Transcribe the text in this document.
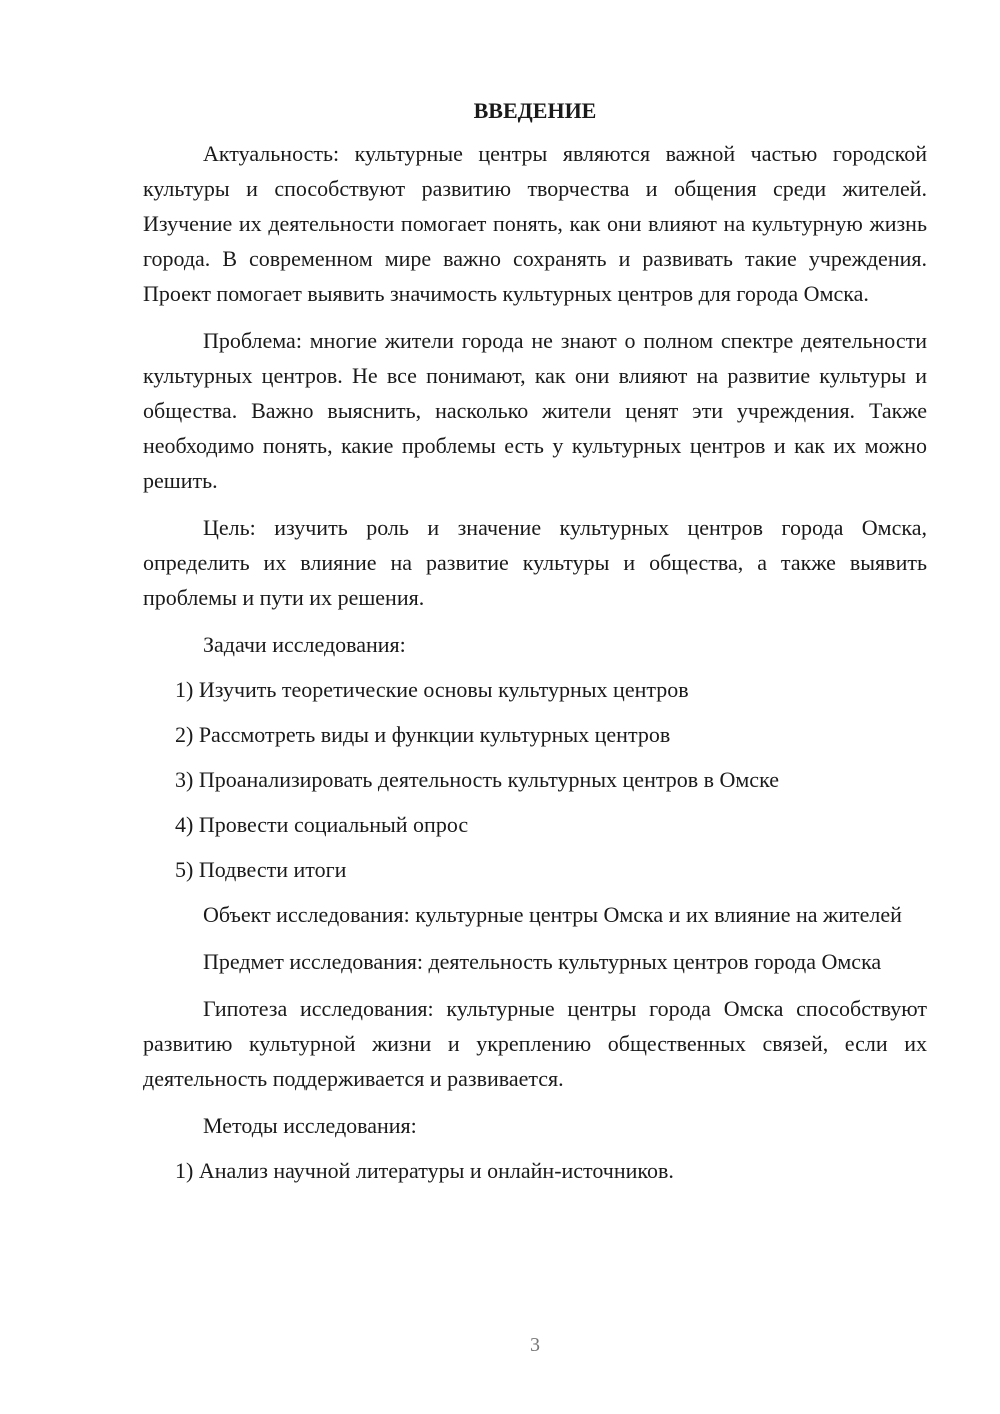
ВВЕДЕНИЕ

Актуальность: культурные центры являются важной частью городской культуры и способствуют развитию творчества и общения среди жителей. Изучение их деятельности помогает понять, как они влияют на культурную жизнь города. В современном мире важно сохранять и развивать такие учреждения. Проект помогает выявить значимость культурных центров для города Омска.

Проблема: многие жители города не знают о полном спектре деятельности культурных центров. Не все понимают, как они влияют на развитие культуры и общества. Важно выяснить, насколько жители ценят эти учреждения. Также необходимо понять, какие проблемы есть у культурных центров и как их можно решить.

Цель: изучить роль и значение культурных центров города Омска, определить их влияние на развитие культуры и общества, а также выявить проблемы и пути их решения.

Задачи исследования:
1) Изучить теоретические основы культурных центров
2) Рассмотреть виды и функции культурных центров
3) Проанализировать деятельность культурных центров в Омске
4) Провести социальный опрос
5) Подвести итоги

Объект исследования: культурные центры Омска и их влияние на жителей

Предмет исследования: деятельность культурных центров города Омска

Гипотеза исследования: культурные центры города Омска способствуют развитию культурной жизни и укреплению общественных связей, если их деятельность поддерживается и развивается.

Методы исследования:
1) Анализ научной литературы и онлайн-источников.
3
